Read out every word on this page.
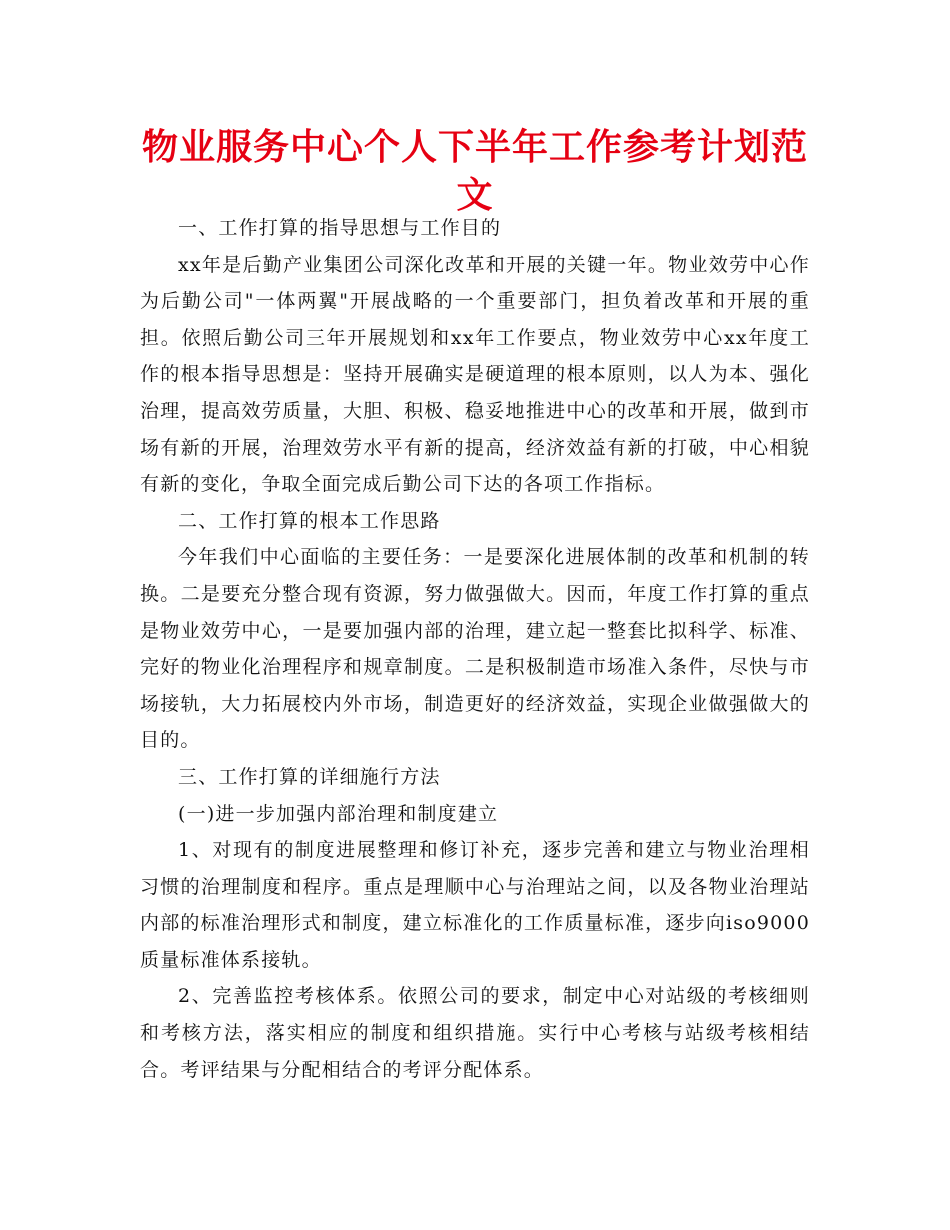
物业服务中心个人下半年工作参考计划范文

一、工作打算的指导思想与工作目的

xx年是后勤产业集团公司深化改革和开展的关键一年。物业效劳中心作为后勤公司"一体两翼"开展战略的一个重要部门，担负着改革和开展的重担。依照后勤公司三年开展规划和xx年工作要点，物业效劳中心xx年度工作的根本指导思想是：坚持开展确实是硬道理的根本原则，以人为本、强化治理，提高效劳质量，大胆、积极、稳妥地推进中心的改革和开展，做到市场有新的开展，治理效劳水平有新的提高，经济效益有新的打破，中心相貌有新的变化，争取全面完成后勤公司下达的各项工作指标。

二、工作打算的根本工作思路

今年我们中心面临的主要任务：一是要深化进展体制的改革和机制的转换。二是要充分整合现有资源，努力做强做大。因而，年度工作打算的重点是物业效劳中心，一是要加强内部的治理，建立起一整套比拟科学、标准、完好的物业化治理程序和规章制度。二是积极制造市场准入条件，尽快与市场接轨，大力拓展校内外市场，制造更好的经济效益，实现企业做强做大的目的。

三、工作打算的详细施行方法

(一)进一步加强内部治理和制度建立

1、对现有的制度进展整理和修订补充，逐步完善和建立与物业治理相习惯的治理制度和程序。重点是理顺中心与治理站之间，以及各物业治理站内部的标准治理形式和制度，建立标准化的工作质量标准，逐步向iso9000质量标准体系接轨。

2、完善监控考核体系。依照公司的要求，制定中心对站级的考核细则和考核方法，落实相应的制度和组织措施。实行中心考核与站级考核相结合。考评结果与分配相结合的考评分配体系。
